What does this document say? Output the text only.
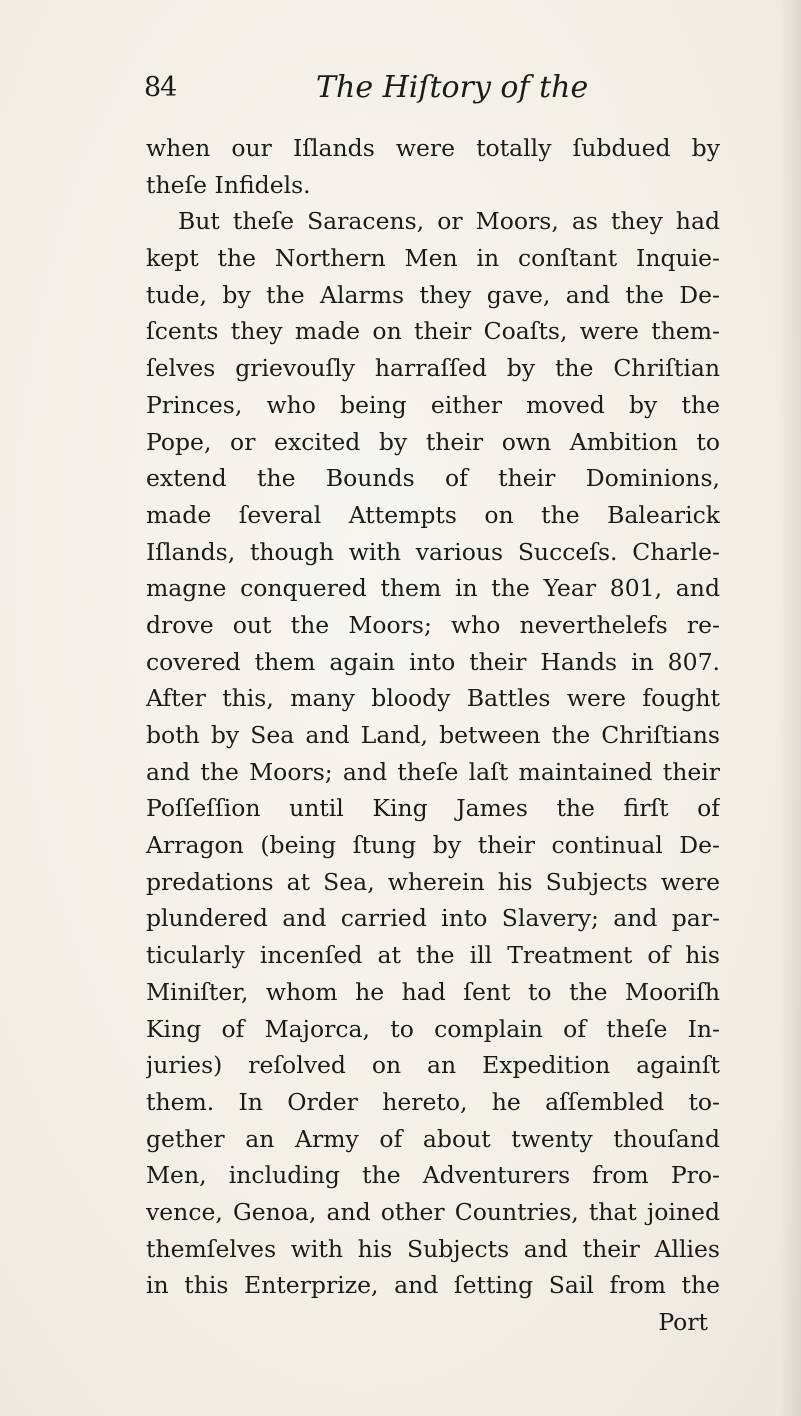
84	The Hiſtory of the
when our Iſlands were totally ſubdued by
theſe Infidels.
But theſe Saracens, or Moors, as they had
kept the Northern Men in conſtant Inquie-
tude, by the Alarms they gave, and the De-
ſcents they made on their Coaſts, were them-
ſelves grievouſly harraſſed by the Chriſtian
Princes, who being either moved by the
Pope, or excited by their own Ambition to
extend the Bounds of their Dominions,
made ſeveral Attempts on the Balearick
Iſlands, though with various Succeſs. Charle-
magne conquered them in the Year 801, and
drove out the Moors; who neverthelefs re-
covered them again into their Hands in 807.
After this, many bloody Battles were fought
both by Sea and Land, between the Chriſtians
and the Moors; and theſe laſt maintained their
Poſſeſſion until King James the firſt of
Arragon (being ſtung by their continual De-
predations at Sea, wherein his Subjects were
plundered and carried into Slavery; and par-
ticularly incenſed at the ill Treatment of his
Miniſter, whom he had ſent to the Mooriſh
King of Majorca, to complain of theſe In-
juries) reſolved on an Expedition againſt
them. In Order hereto, he aſſembled to-
gether an Army of about twenty thouſand
Men, including the Adventurers from Pro-
vence, Genoa, and other Countries, that joined
themſelves with his Subjects and their Allies
in this Enterprize, and ſetting Sail from the
Port
